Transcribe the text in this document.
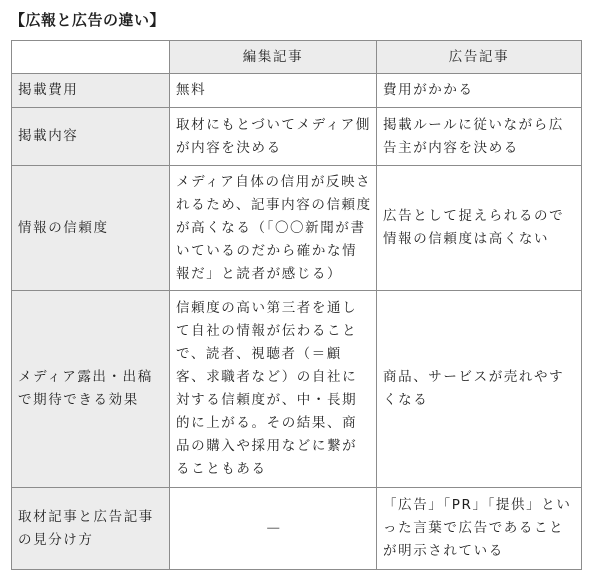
【広報と広告の違い】
	編集記事	広告記事
掲載費用	無料	費用がかかる
掲載内容	取材にもとづいてメディア側が内容を決める	掲載ルールに従いながら広告主が内容を決める
情報の信頼度	メディア自体の信用が反映されるため、記事内容の信頼度が高くなる（「〇〇新聞が書いているのだから確かな情報だ」と読者が感じる）	広告として捉えられるので情報の信頼度は高くない
メディア露出・出稿で期待できる効果	信頼度の高い第三者を通して自社の情報が伝わることで、読者、視聴者（＝顧客、求職者など）の自社に対する信頼度が、中・長期的に上がる。その結果、商品の購入や採用などに繋がることもある	商品、サービスが売れやすくなる
取材記事と広告記事の見分け方	－	「広告」「PR」「提供」といった言葉で広告であることが明示されている
